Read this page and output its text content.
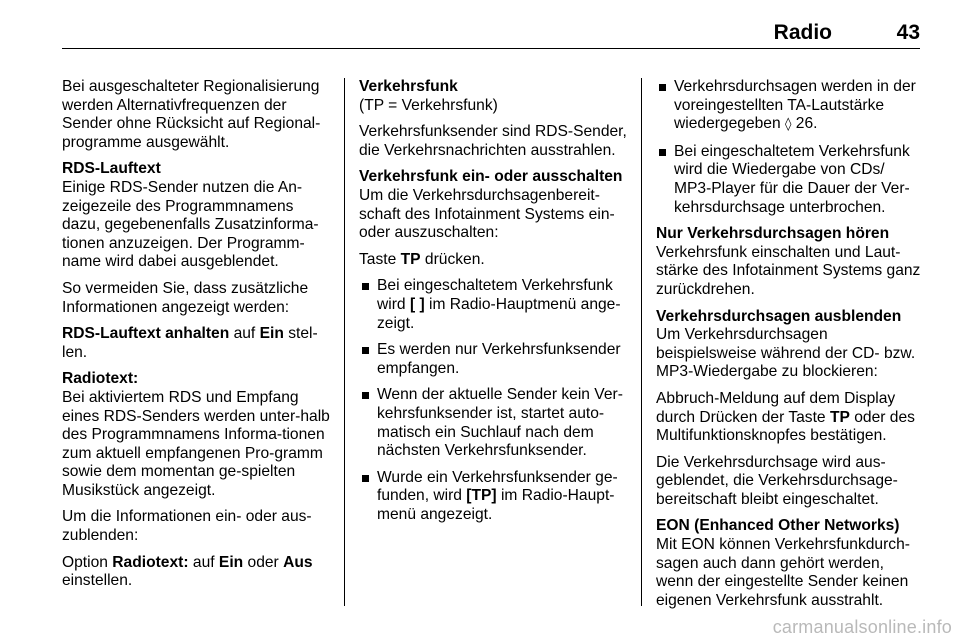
Radio	43

Bei ausgeschalteter Regionalisierung werden Alternativfrequenzen der Sender ohne Rücksicht auf Regional-programme ausgewählt.

RDS-Lauftext

Einige RDS-Sender nutzen die An-zeigezeile des Programmnamens dazu, gegebenenfalls Zusatzinforma-tionen anzuzeigen. Der Programm-name wird dabei ausgeblendet.

So vermeiden Sie, dass zusätzliche Informationen angezeigt werden:

RDS-Lauftext anhalten auf Ein stel-len.

Radiotext:

Bei aktiviertem RDS und Empfang eines RDS-Senders werden unter-halb des Programmnamens Informa-tionen zum aktuell empfangenen Pro-gramm sowie dem momentan ge-spielten Musikstück angezeigt.

Um die Informationen ein- oder aus-zublenden:

Option Radiotext: auf Ein oder Aus einstellen.

Verkehrsfunk

(TP = Verkehrsfunk)

Verkehrsfunksender sind RDS-Sender, die Verkehrsnachrichten ausstrahlen.

Verkehrsfunk ein- oder ausschalten

Um die Verkehrsdurchsagenbereit-schaft des Infotainment Systems ein-oder auszuschalten:

Taste TP drücken.

Bei eingeschaltetem Verkehrsfunk wird [ ] im Radio-Hauptmenü ange-zeigt.
Es werden nur Verkehrsfunksender empfangen.
Wenn der aktuelle Sender kein Ver-kehrsfunksender ist, startet auto-matisch ein Suchlauf nach dem nächsten Verkehrsfunksender.
Wurde ein Verkehrsfunksender ge-funden, wird [TP] im Radio-Haupt-menü angezeigt.
Verkehrsdurchsagen werden in der voreingestellten TA-Lautstärke wiedergegeben ◊ 26.
Bei eingeschaltetem Verkehrsfunk wird die Wiedergabe von CDs/ MP3-Player für die Dauer der Ver-kehrsdurchsage unterbrochen.

Nur Verkehrsdurchsagen hören

Verkehrsfunk einschalten und Laut-stärke des Infotainment Systems ganz zurückdrehen.

Verkehrsdurchsagen ausblenden

Um Verkehrsdurchsagen beispielsweise während der CD- bzw. MP3-Wiedergabe zu blockieren:

Abbruch-Meldung auf dem Display durch Drücken der Taste TP oder des Multifunktionsknopfes bestätigen.

Die Verkehrsdurchsage wird aus-geblendet, die Verkehrsdurchsage-bereitschaft bleibt eingeschaltet.

EON (Enhanced Other Networks)

Mit EON können Verkehrsfunkdurch-sagen auch dann gehört werden, wenn der eingestellte Sender keinen eigenen Verkehrsfunk ausstrahlt.

carmanualsonline.info
